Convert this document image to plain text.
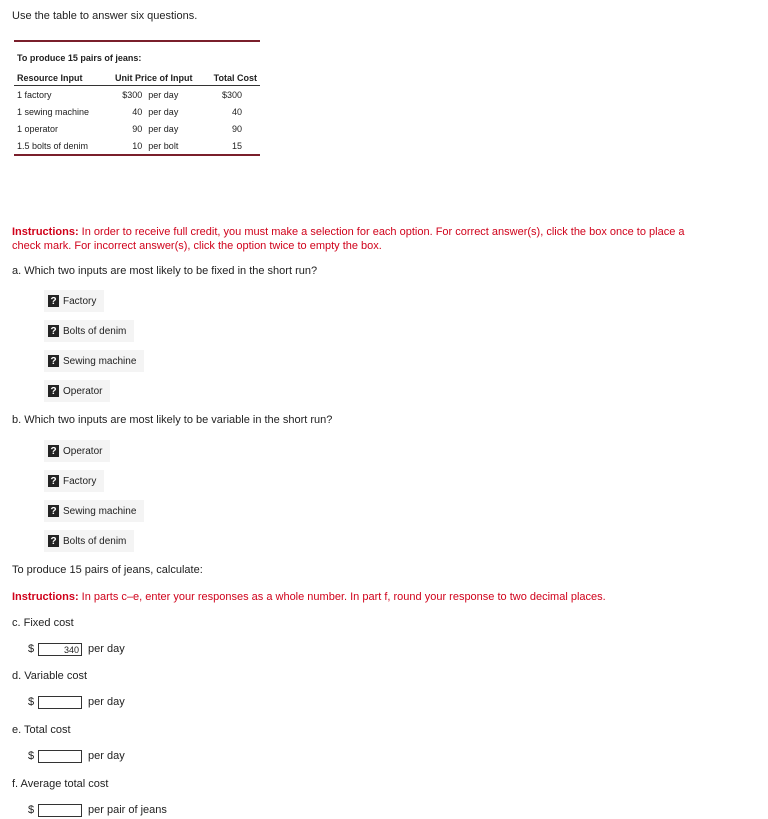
Use the table to answer six questions.
To produce 15 pairs of jeans:
Resource Input	Unit Price of Input		Total Cost
1 factory	$300	per day	$300
1 sewing machine	40	per day	40
1 operator	90	per day	90
1.5 bolts of denim	10	per bolt	15
Instructions: In order to receive full credit, you must make a selection for each option. For correct answer(s), click the box once to place a check mark. For incorrect answer(s), click the option twice to empty the box.
a. Which two inputs are most likely to be fixed in the short run?
? Factory
? Bolts of denim
? Sewing machine
? Operator
b. Which two inputs are most likely to be variable in the short run?
? Operator
? Factory
? Sewing machine
? Bolts of denim
To produce 15 pairs of jeans, calculate:
Instructions: In parts c–e, enter your responses as a whole number. In part f, round your response to two decimal places.
c. Fixed cost
$	340 per day
d. Variable cost
$	per day
e. Total cost
$	per day
f. Average total cost
$	per pair of jeans
